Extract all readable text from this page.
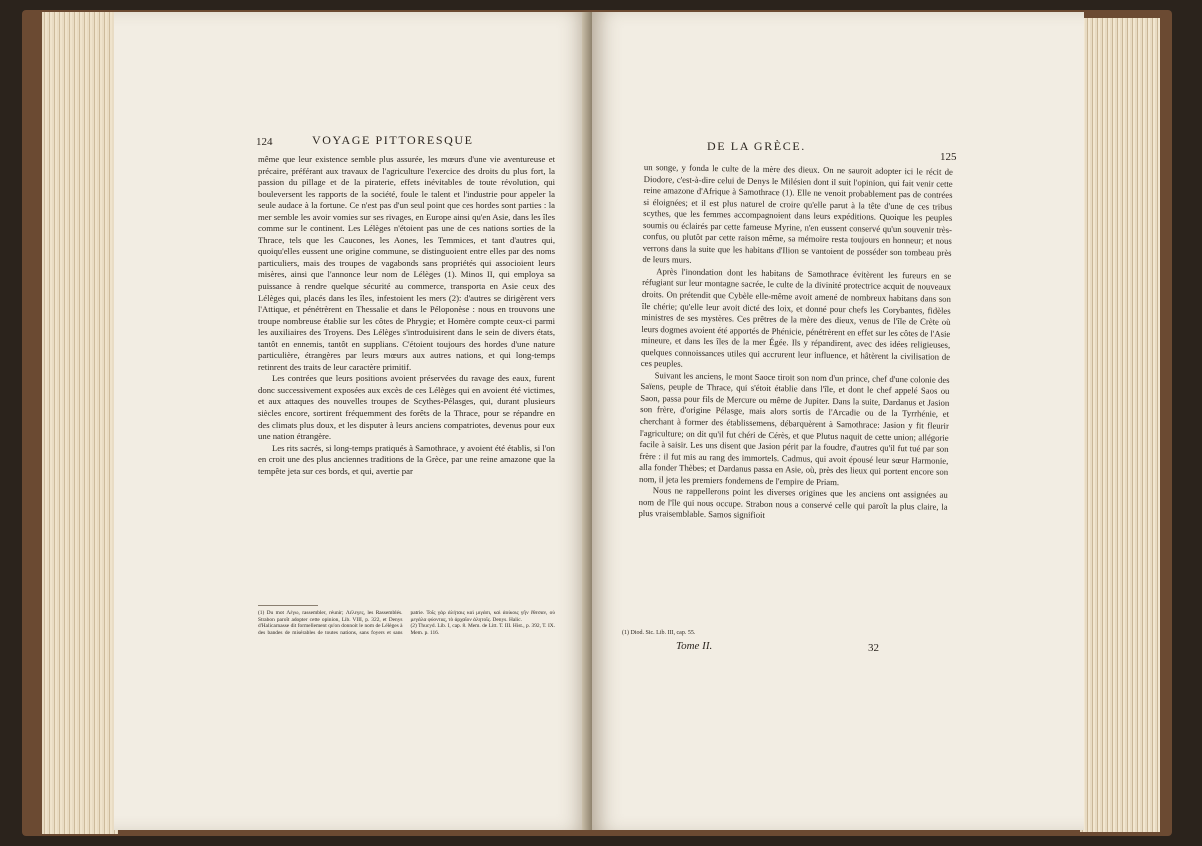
124	VOYAGE PITTORESQUE

même que leur existence semble plus assurée, les mœurs d'une vie aventureuse et précaire, préférant aux travaux de l'agriculture l'exercice des droits du plus fort, la passion du pillage et de la piraterie, effets inévitables de toute révolution, qui bouleversent les rapports de la société, foule le talent et l'industrie pour appeler la seule audace à la fortune. Ce n'est pas d'un seul point que ces hordes sont parties : la mer semble les avoir vomies sur ses rivages, en Europe ainsi qu'en Asie, dans les îles comme sur le continent. Les Lélèges n'étoient pas une de ces nations sorties de la Thrace, tels que les Caucones, les Aones, les Temmices, et tant d'autres qui, quoiqu'elles eussent une origine commune, se distinguoient entre elles par des noms particuliers, mais des troupes de vagabonds sans propriétés qui associoient leurs misères, ainsi que l'annonce leur nom de Lélèges (1). Minos II, qui employa sa puissance à rendre quelque sécurité au commerce, transporta en Asie ceux des Lélèges qui, placés dans les îles, infestoient les mers (2): d'autres se dirigèrent vers l'Attique, et pénétrèrent en Thessalie et dans le Péloponèse : nous en trouvons une troupe nombreuse établie sur les côtes de Phrygie; et Homère compte ceux-ci parmi les auxiliaires des Troyens. Des Lélèges s'introduisirent dans le sein de divers états, tantôt en ennemis, tantôt en supplians. C'étoient toujours des hordes d'une nature particulière, étrangères par leurs mœurs aux autres nations, et qui long-temps retinrent des traits de leur caractère primitif.

Les contrées que leurs positions avoient préservées du ravage des eaux, furent donc successivement exposées aux excès de ces Lélèges qui en avoient été victimes, et aux attaques des nouvelles troupes de Scythes-Pélasges, qui, durant plusieurs siècles encore, sortirent fréquemment des forêts de la Thrace, pour se répandre en des climats plus doux, et les disputer à leurs anciens compatriotes, devenus pour eux une nation étrangère.

Les rits sacrés, si long-temps pratiqués à Samothrace, y avoient été établis, si l'on en croit une des plus anciennes traditions de la Grèce, par une reine amazone que la tempête jeta sur ces bords, et qui, avertie par

(1) Du mot Λέγω, rassembler, réunir; Λέλεγες, les Rassemblés. Strabon paroît adopter cette opinion, Lib. VIII, p. 322, et Denys d'Halicarnasse dit formellement qu'on donnoit le nom de Lélèges à des bandes de misérables de toutes nations, sans foyers et sans patrie. Τοῖς γὰρ ἀλήταις καὶ μιγάσι, καὶ ἀοίκοις γῆν ἔθεσαν, οὐ μεγάλα φύοντας, τὸ ἀρχαῖον ἀλητοῖς. Denys. Halic.
(2) Thucyd. Lib. I, cap. 8. Mem. de Litt. T. III. Hist., p. 392, T. IX. Mem. p. 116.
DE LA GRÈCE.
125

un songe, y fonda le culte de la mère des dieux. On ne sauroit adopter ici le récit de Diodore, c'est-à-dire celui de Denys le Milésien dont il suit l'opinion, qui fait venir cette reine amazone d'Afrique à Samothrace (1). Elle ne venoit probablement pas de contrées si éloignées; et il est plus naturel de croire qu'elle parut à la tête d'une de ces tribus scythes, que les femmes accompagnoient dans leurs expéditions. Quoique les peuples soumis ou éclairés par cette fameuse Myrine, n'en eussent conservé qu'un souvenir très-confus, ou plutôt par cette raison même, sa mémoire resta toujours en honneur; et nous verrons dans la suite que les habitans d'Ilion se vantoient de posséder son tombeau près de leurs murs.

Après l'inondation dont les habitans de Samothrace évitèrent les fureurs en se réfugiant sur leur montagne sacrée, le culte de la divinité protectrice acquit de nouveaux droits. On prétendit que Cybèle elle-même avoit amené de nombreux habitans dans son île chérie; qu'elle leur avoit dicté des loix, et donné pour chefs les Corybantes, fidèles ministres de ses mystères. Ces prêtres de la mère des dieux, venus de l'île de Crète où leurs dogmes avoient été apportés de Phénicie, pénétrèrent en effet sur les côtes de l'Asie mineure, et dans les îles de la mer Égée. Ils y répandirent, avec des idées religieuses, quelques connoissances utiles qui accrurent leur influence, et hâtèrent la civilisation de ces peuples.

Suivant les anciens, le mont Saoce tiroit son nom d'un prince, chef d'une colonie des Saïens, peuple de Thrace, qui s'étoit établie dans l'île, et dont le chef appelé Saos ou Saon, passa pour fils de Mercure ou même de Jupiter. Dans la suite, Dardanus et Jasion son frère, d'origine Pélasge, mais alors sortis de l'Arcadie ou de la Tyrrhénie, et cherchant à former des établissemens, débarquèrent à Samothrace: Jasion y fit fleurir l'agriculture; on dit qu'il fut chéri de Cérès, et que Plutus naquit de cette union; allégorie facile à saisir. Les uns disent que Jasion périt par la foudre, d'autres qu'il fut tué par son frère : il fut mis au rang des immortels. Cadmus, qui avoit épousé leur sœur Harmonie, alla fonder Thèbes; et Dardanus passa en Asie, où, près des lieux qui portent encore son nom, il jeta les premiers fondemens de l'empire de Priam.

Nous ne rappellerons point les diverses origines que les anciens ont assignées au nom de l'île qui nous occupe. Strabon nous a conservé celle qui paroît la plus claire, la plus vraisemblable. Samos signifioit

(1) Diod. Sic. Lib. III, cap. 55.
Tome II.	32
